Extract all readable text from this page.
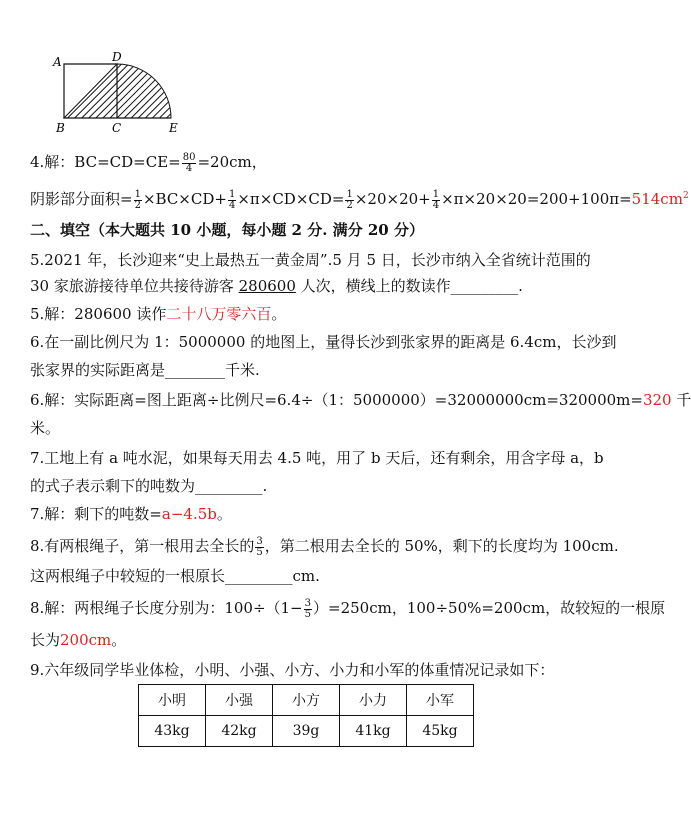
A	D
B	C	E
4.解：$BC=CD=CE= \frac{80}{4} =20cm$，
阴影部分面积= $\frac{1}{2} \times BC\times CD+ \frac{1}{4} \times\pi\times CD\times CD= \frac{1}{2} \times 20\times 20+ \frac{1}{4} \times\pi\times 20\times 20=200+100\pi=514cm^2$
二、填空（本大题共 10 小题，每小题 2 分. 满分 20 分）
5.2021 年，长沙迎来“史上最热五一黄金周”.5 月 5 日，长沙市纳入全省统计范围的
30 家旅游接待单位共接待游客 280600 人次，横线上的数读作_________.
5.解：280600 读作二十八万零六百。
6.在一副比例尺为 1：5000000 的地图上，量得长沙到张家界的距离是 6.4cm，长沙到
张家界的实际距离是________千米.
6.解：实际距离=图上距离÷比例尺=6.4÷（1：5000000）=32000000cm=320000m=320 千
米。
7.工地上有 a 吨水泥，如果每天用去 4.5 吨，用了 b 天后，还有剩余，用含字母 a，b
的式子表示剩下的吨数为_________.
7.解：剩下的吨数=a−4.5b。
8.有两根绳子，第一根用去全长的 $\frac{3}{5}$ ，第二根用去全长的 50%，剩下的长度均为 100cm.
这两根绳子中较短的一根原长_________cm.
8.解：两根绳子长度分别为：$100\div(1- \frac{3}{5} )=250cm$，100÷50%=200cm，故较短的一根原
长为200cm。
9.六年级同学毕业体检，小明、小强、小方、小力和小军的体重情况记录如下：
小明	小强	小方	小力	小军
43kg	42kg	39g	41kg	45kg
